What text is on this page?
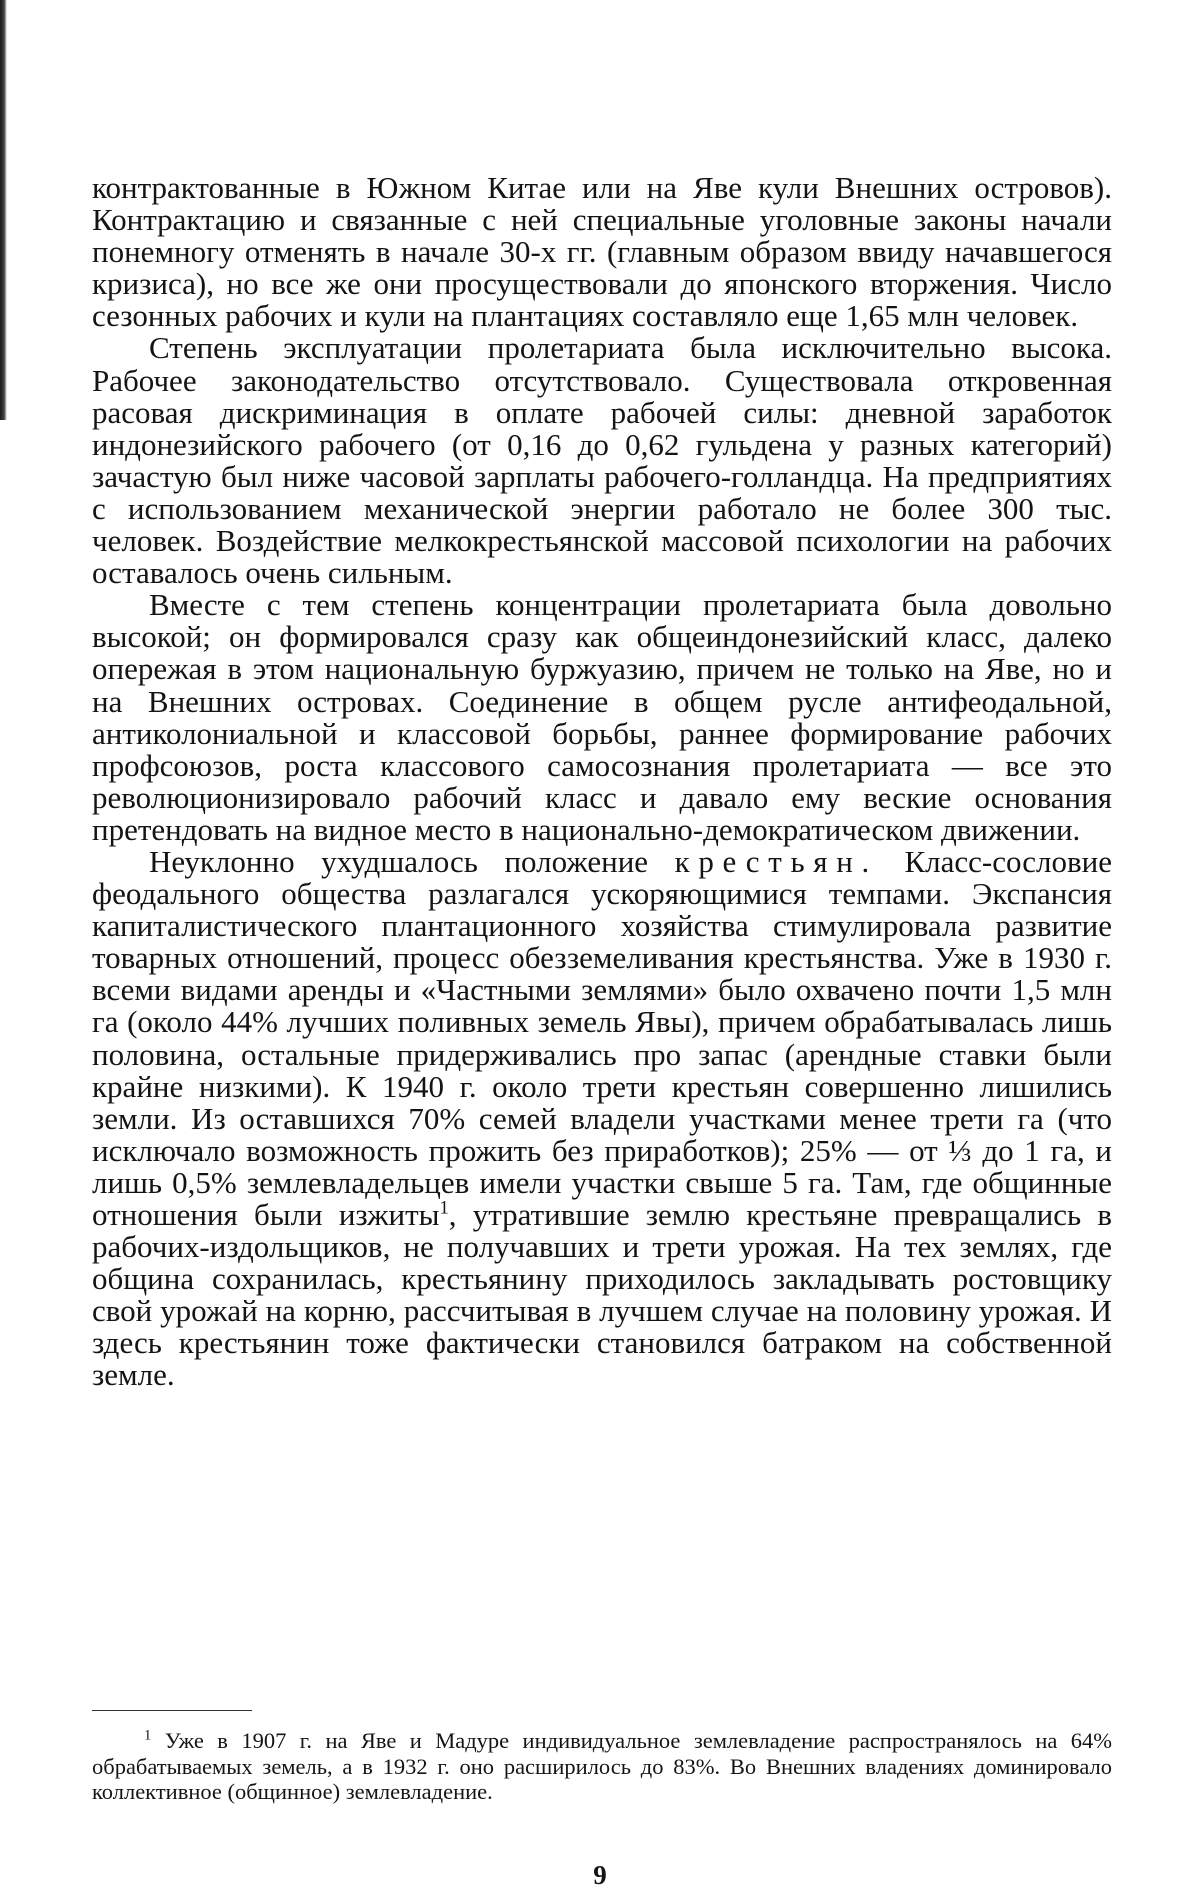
контрактованные в Южном Китае или на Яве кули Внешних островов). Контрактацию и связанные с ней специальные уголовные законы начали понемногу отменять в начале 30-х гг. (главным образом ввиду начавшегося кризиса), но все же они просуществовали до японского вторжения. Число сезонных рабочих и кули на плантациях составляло еще 1,65 млн человек.

Степень эксплуатации пролетариата была исключительно высока. Рабочее законодательство отсутствовало. Существовала откровенная расовая дискриминация в оплате рабочей силы: дневной заработок индонезийского рабочего (от 0,16 до 0,62 гульдена у разных категорий) зачастую был ниже часовой зарплаты рабочего-голландца. На предприятиях с использованием механической энергии работало не более 300 тыс. человек. Воздействие мелкокрестьянской массовой психологии на рабочих оставалось очень сильным.

Вместе с тем степень концентрации пролетариата была довольно высокой; он формировался сразу как общеиндонезийский класс, далеко опережая в этом национальную буржуазию, причем не только на Яве, но и на Внешних островах. Соединение в общем русле антифеодальной, антиколониальной и классовой борьбы, раннее формирование рабочих профсоюзов, роста классового самосознания пролетариата — все это революционизировало рабочий класс и давало ему веские основания претендовать на видное место в национально-демократическом движении.

Неуклонно ухудшалось положение крестьян. Класс-сословие феодального общества разлагался ускоряющимися темпами. Экспансия капиталистического плантационного хозяйства стимулировала развитие товарных отношений, процесс обезземеливания крестьянства. Уже в 1930 г. всеми видами аренды и «Частными землями» было охвачено почти 1,5 млн га (около 44% лучших поливных земель Явы), причем обрабатывалась лишь половина, остальные придерживались про запас (арендные ставки были крайне низкими). К 1940 г. около трети крестьян совершенно лишились земли. Из оставшихся 70% семей владели участками менее трети га (что исключало возможность прожить без приработков); 25% — от ⅓ до 1 га, и лишь 0,5% землевладельцев имели участки свыше 5 га. Там, где общинные отношения были изжиты$^1$, утратившие землю крестьяне превращались в рабочих-издольщиков, не получавших и трети урожая. На тех землях, где община сохранилась, крестьянину приходилось закладывать ростовщику свой урожай на корню, рассчитывая в лучшем случае на половину урожая. И здесь крестьянин тоже фактически становился батраком на собственной земле.

$^1$ Уже в 1907 г. на Яве и Мадуре индивидуальное землевладение распространялось на 64% обрабатываемых земель, а в 1932 г. оно расширилось до 83%. Во Внешних владениях доминировало коллективное (общинное) землевладение.

9
